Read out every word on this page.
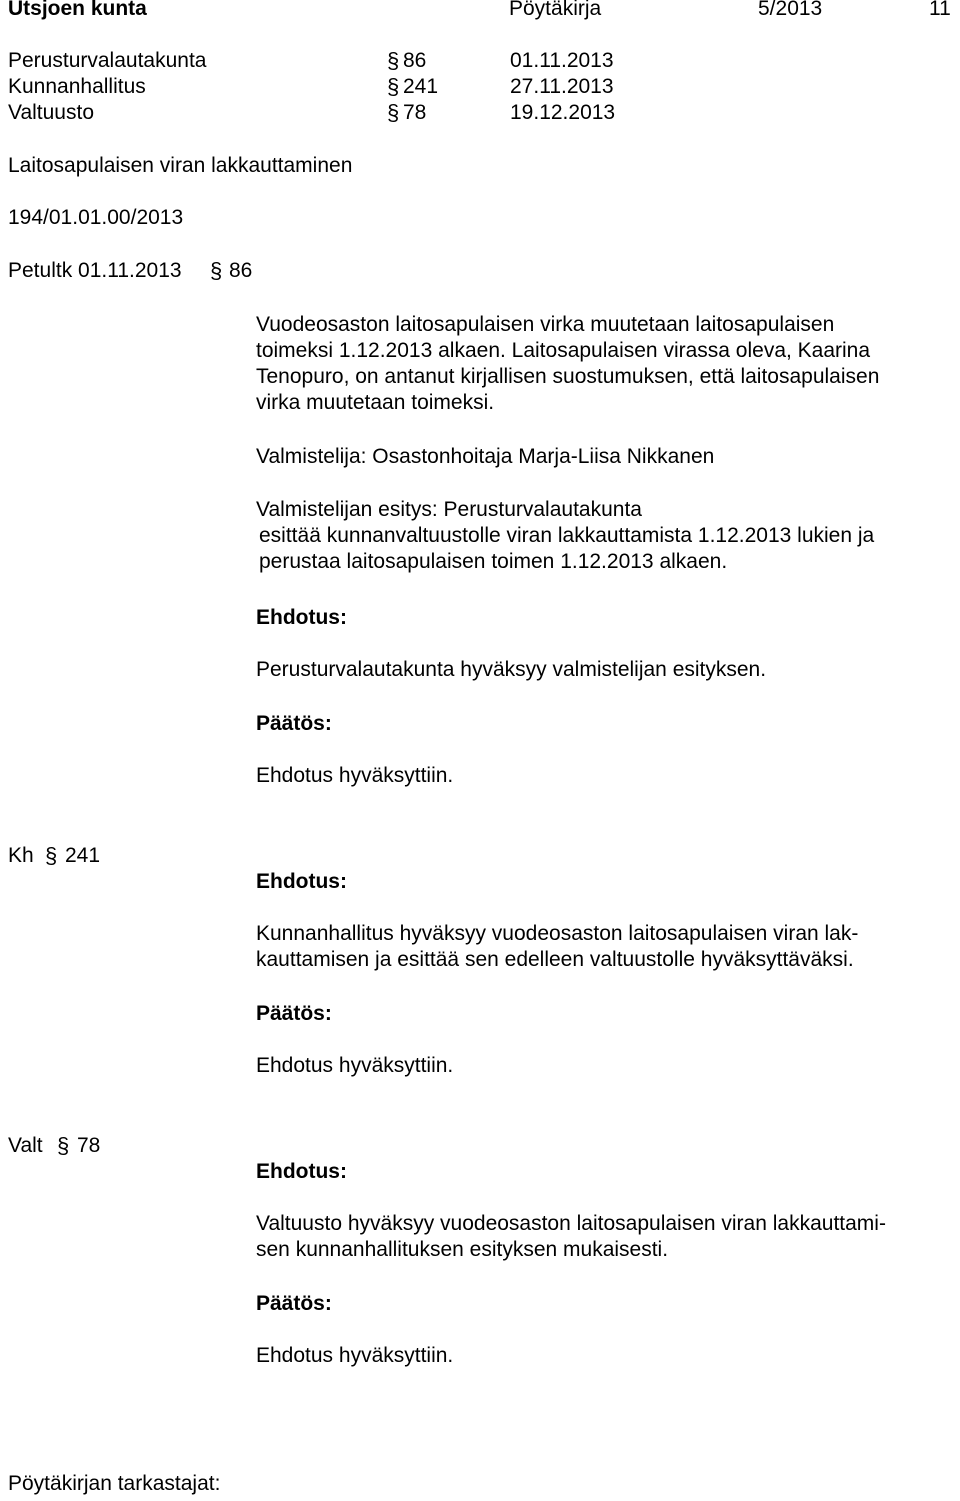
Utsjoen kunta	Pöytäkirja	5/2013	11
Perusturvalautakunta	§ 86	01.11.2013
Kunnanhallitus	§ 241	27.11.2013
Valtuusto	§ 78	19.12.2013
Laitosapulaisen viran lakkauttaminen
194/01.01.00/2013
Petultk 01.11.2013 § 86
Vuodeosaston laitosapulaisen virka muutetaan laitosapulaisen
toimeksi 1.12.2013 alkaen. Laitosapulaisen virassa oleva, Kaarina
Tenopuro, on antanut kirjallisen suostumuksen, että laitosapulaisen
virka muutetaan toimeksi.
Valmistelija: Osastonhoitaja Marja-Liisa Nikkanen
Valmistelijan esitys: Perusturvalautakunta
esittää kunnanvaltuustolle viran lakkauttamista 1.12.2013 lukien ja
perustaa laitosapulaisen toimen 1.12.2013 alkaen.
Ehdotus:
Perusturvalautakunta hyväksyy valmistelijan esityksen.
Päätös:
Ehdotus hyväksyttiin.
Kh § 241
Ehdotus:
Kunnanhallitus hyväksyy vuodeosaston laitosapulaisen viran lak-
kauttamisen ja esittää sen edelleen valtuustolle hyväksyttäväksi.
Päätös:
Ehdotus hyväksyttiin.
Valt § 78
Ehdotus:
Valtuusto hyväksyy vuodeosaston laitosapulaisen viran lakkauttami-
sen kunnanhallituksen esityksen mukaisesti.
Päätös:
Ehdotus hyväksyttiin.
Pöytäkirjan tarkastajat:
